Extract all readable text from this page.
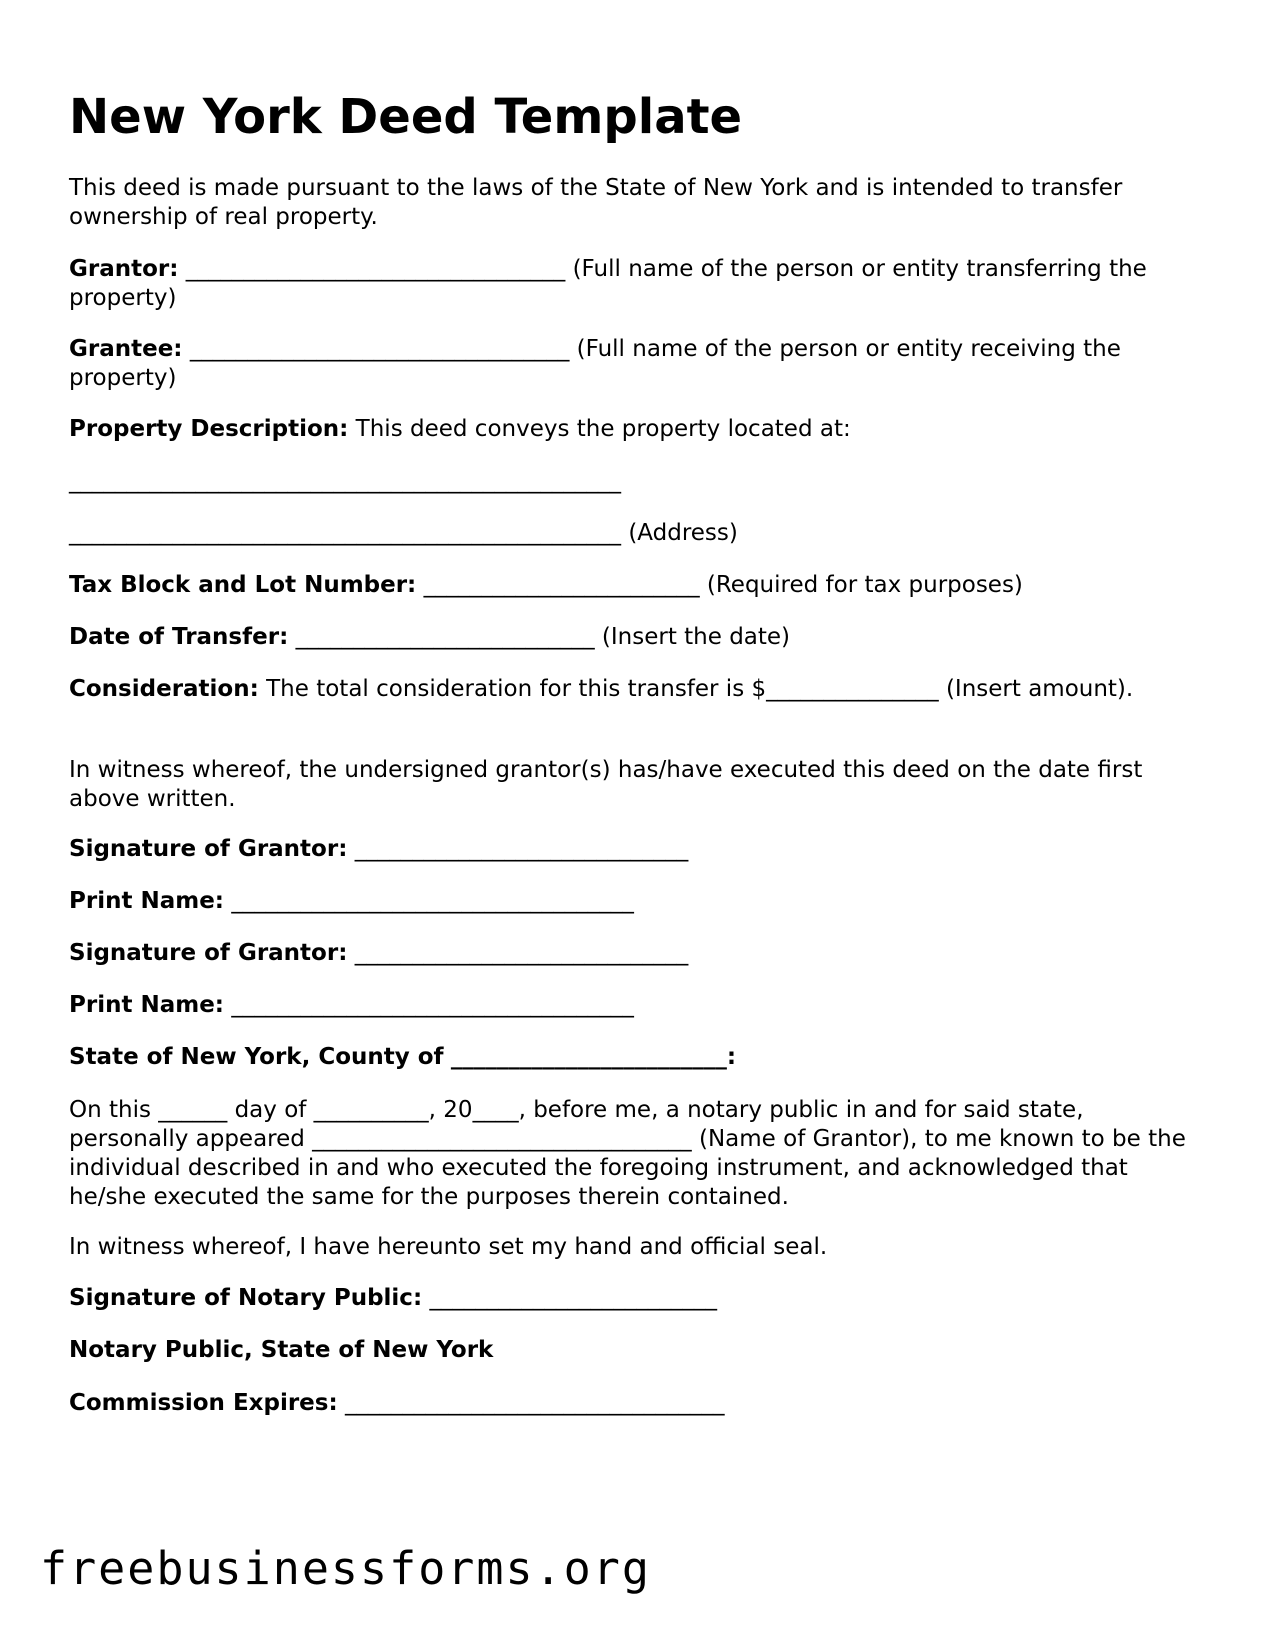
New York Deed Template

This deed is made pursuant to the laws of the State of New York and is intended to transfer ownership of real property.

Grantor: _________________________________ (Full name of the person or entity transferring the property)

Grantee: _________________________________ (Full name of the person or entity receiving the property)

Property Description: This deed conveys the property located at:

________________________________________________

________________________________________________ (Address)

Tax Block and Lot Number: ________________________ (Required for tax purposes)

Date of Transfer: __________________________ (Insert the date)

Consideration: The total consideration for this transfer is $_______________ (Insert amount).

In witness whereof, the undersigned grantor(s) has/have executed this deed on the date first above written.

Signature of Grantor: _____________________________

Print Name: ___________________________________

Signature of Grantor: _____________________________

Print Name: ___________________________________

State of New York, County of ________________________:

On this ______ day of __________, 20____, before me, a notary public in and for said state, personally appeared _________________________________ (Name of Grantor), to me known to be the individual described in and who executed the foregoing instrument, and acknowledged that he/she executed the same for the purposes therein contained.

In witness whereof, I have hereunto set my hand and official seal.

Signature of Notary Public: _________________________

Notary Public, State of New York

Commission Expires: _________________________________

freebusinessforms.org
